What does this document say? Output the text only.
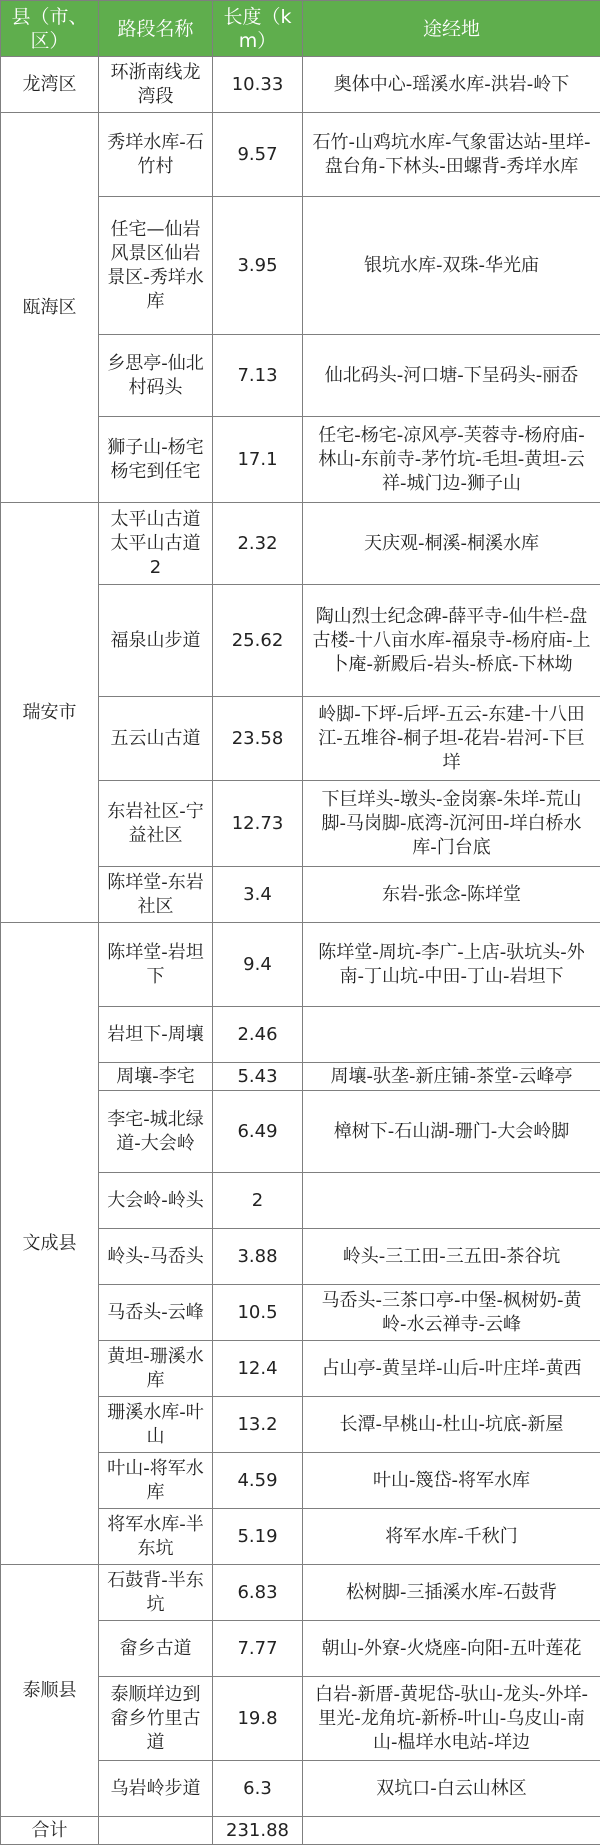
县（市、区）	路段名称	长度（km）	途经地
龙湾区	环浙南线龙湾段	10.33	奥体中心-瑶溪水库-洪岩-岭下
瓯海区	秀垟水库-石竹村	9.57	石竹-山鸡坑水库-气象雷达站-里垟-盘台角-下林头-田螺背-秀垟水库
	任宅—仙岩风景区仙岩景区-秀垟水库	3.95	银坑水库-双珠-华光庙
	乡思亭-仙北村码头	7.13	仙北码头-河口塘-下呈码头-丽岙
	狮子山-杨宅杨宅到任宅	17.1	任宅-杨宅-凉风亭-芙蓉寺-杨府庙-林山-东前寺-茅竹坑-毛坦-黄坦-云祥-城门边-狮子山
瑞安市	太平山古道太平山古道2	2.32	天庆观-桐溪-桐溪水库
	福泉山步道	25.62	陶山烈士纪念碑-薛平寺-仙牛栏-盘古楼-十八亩水库-福泉寺-杨府庙-上卜庵-新殿后-岩头-桥底-下林坳
	五云山古道	23.58	岭脚-下坪-后坪-五云-东建-十八田江-五堆谷-桐子坦-花岩-岩河-下巨垟
	东岩社区-宁益社区	12.73	下巨垟头-墩头-金岗寨-朱垟-荒山脚-马岗脚-底湾-沉河田-垟白桥水库-门台底
	陈垟堂-东岩社区	3.4	东岩-张念-陈垟堂
文成县	陈垟堂-岩坦下	9.4	陈垟堂-周坑-李广-上店-驮坑头-外南-丁山坑-中田-丁山-岩坦下
	岩坦下-周壤	2.46	
	周壤-李宅	5.43	周壤-驮垄-新庄铺-茶堂-云峰亭
	李宅-城北绿道-大会岭	6.49	樟树下-石山湖-珊门-大会岭脚
	大会岭-岭头	2	
	岭头-马岙头	3.88	岭头-三工田-三五田-茶谷坑
	马岙头-云峰	10.5	马岙头-三茶口亭-中堡-枫树奶-黄岭-水云禅寺-云峰
	黄坦-珊溪水库	12.4	占山亭-黄呈垟-山后-叶庄垟-黄西
	珊溪水库-叶山	13.2	长潭-早桃山-杜山-坑底-新屋
	叶山-将军水库	4.59	叶山-篾岱-将军水库
	将军水库-半东坑	5.19	将军水库-千秋门
泰顺县	石鼓背-半东坑	6.83	松树脚-三插溪水库-石鼓背
	畲乡古道	7.77	朝山-外寮-火烧座-向阳-五叶莲花
	泰顺垟边到畲乡竹里古道	19.8	白岩-新厝-黄坭岱-驮山-龙头-外垟-里光-龙角坑-新桥-叶山-乌皮山-南山-榅垟水电站-垟边
	乌岩岭步道	6.3	双坑口-白云山林区
合计		231.88	
